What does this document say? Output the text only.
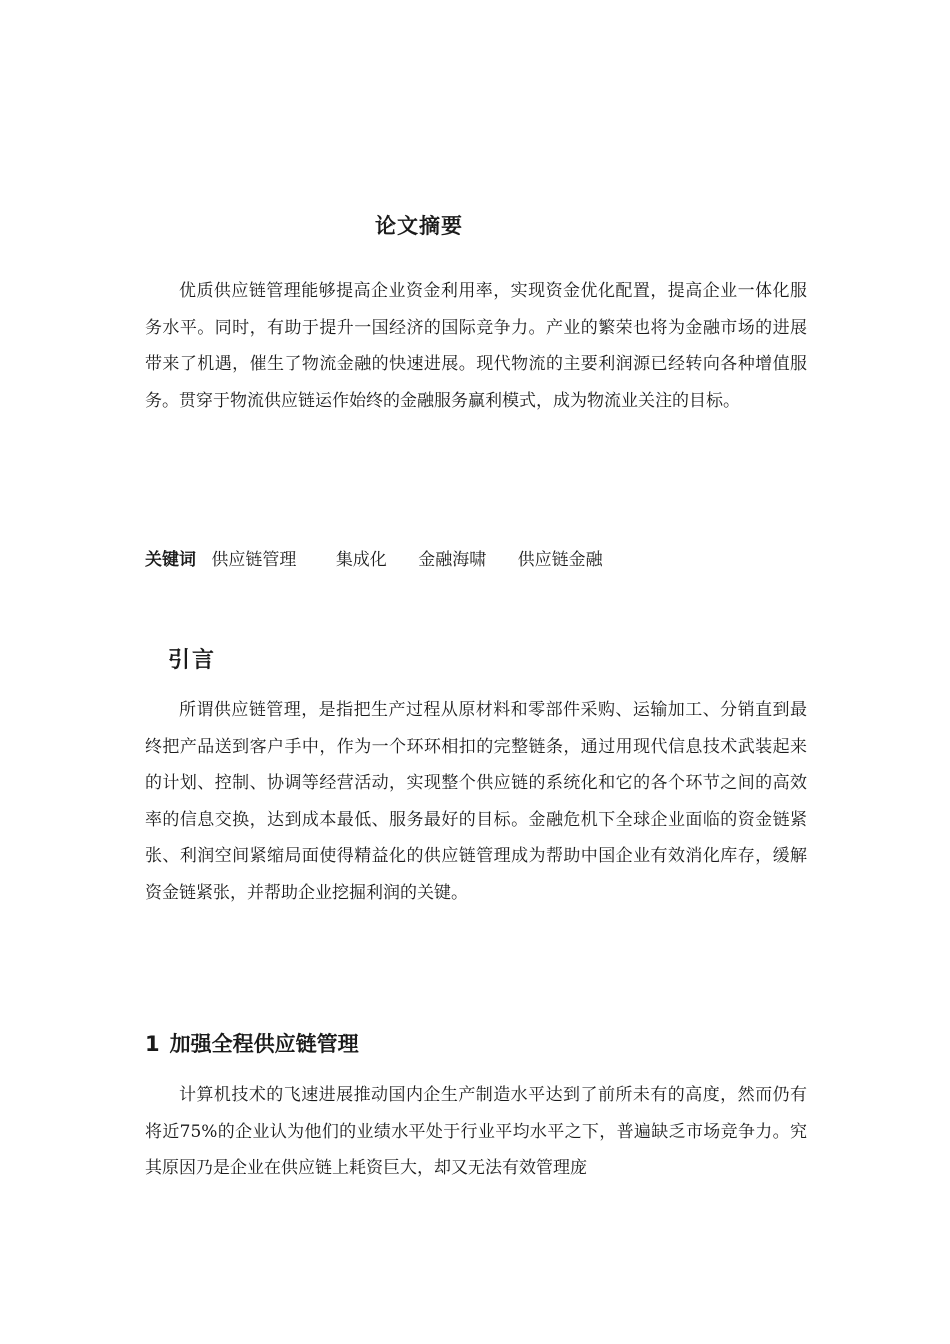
论文摘要

优质供应链管理能够提高企业资金利用率，实现资金优化配置，提高企业一体化服务水平。同时，有助于提升一国经济的国际竞争力。产业的繁荣也将为金融市场的进展带来了机遇，催生了物流金融的快速进展。现代物流的主要利润源已经转向各种增值服务。贯穿于物流供应链运作始终的金融服务赢利模式，成为物流业关注的目标。

关键词 供应链管理 集成化 金融海啸 供应链金融
引言

所谓供应链管理，是指把生产过程从原材料和零部件采购、运输加工、分销直到最终把产品送到客户手中，作为一个环环相扣的完整链条，通过用现代信息技术武装起来的计划、控制、协调等经营活动，实现整个供应链的系统化和它的各个环节之间的高效率的信息交换，达到成本最低、服务最好的目标。金融危机下全球企业面临的资金链紧张、利润空间紧缩局面使得精益化的供应链管理成为帮助中国企业有效消化库存，缓解资金链紧张，并帮助企业挖掘利润的关键。

1 加强全程供应链管理

计算机技术的飞速进展推动国内企生产制造水平达到了前所未有的高度，然而仍有将近75%的企业认为他们的业绩水平处于行业平均水平之下，普遍缺乏市场竞争力。究其原因乃是企业在供应链上耗资巨大，却又无法有效管理庞
